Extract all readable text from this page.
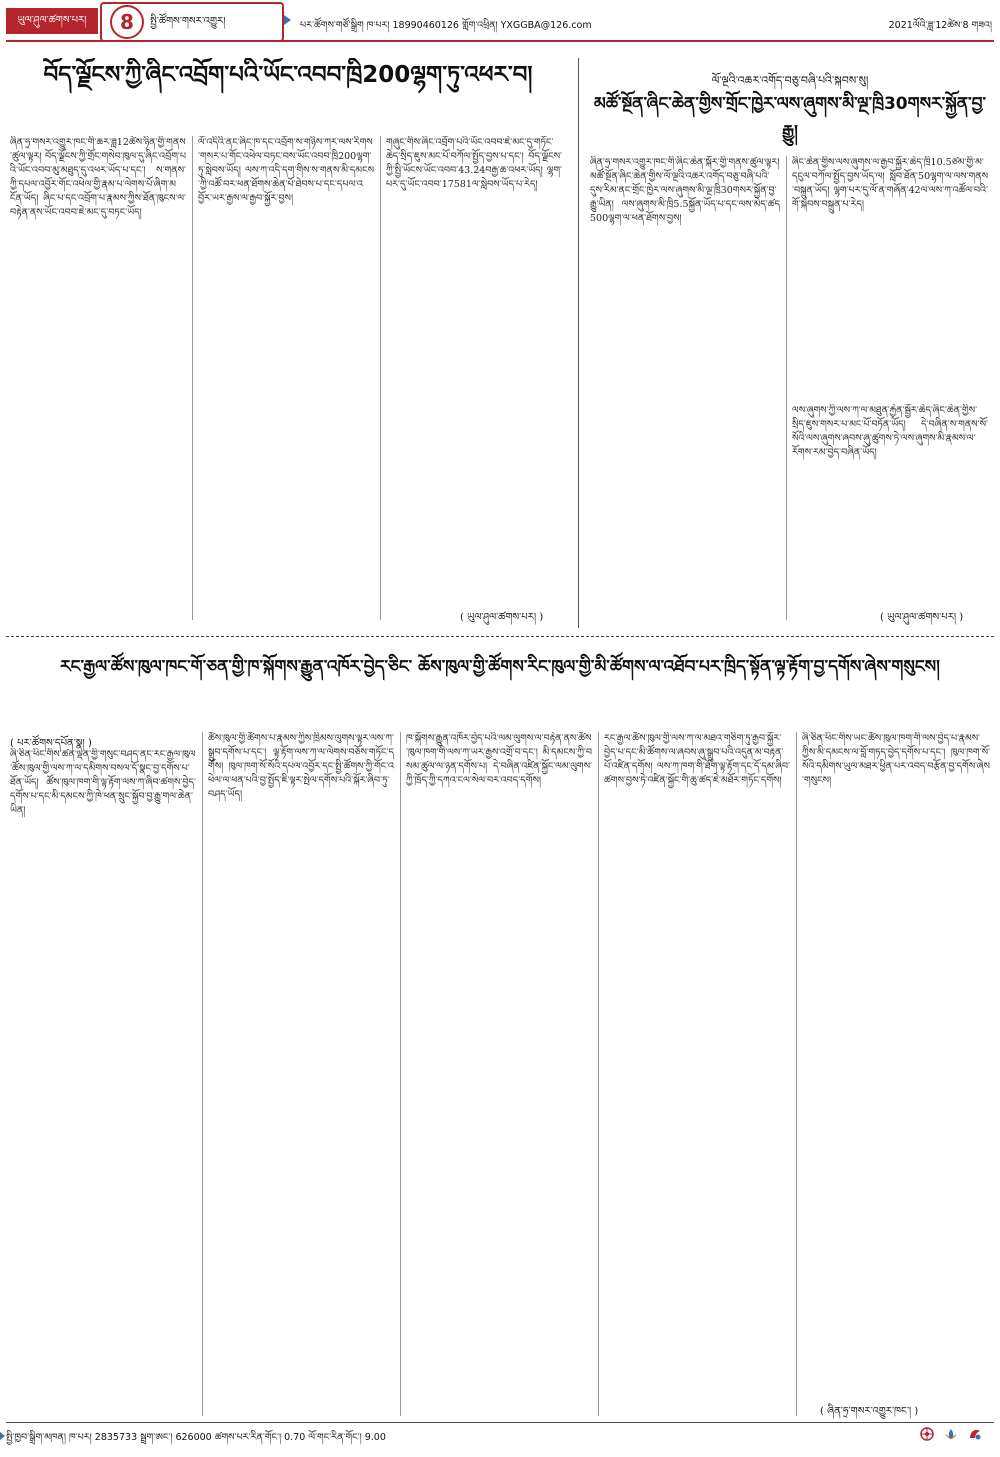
ཡུལ་ཤུལ་ཚགས་པར།	8	སྤྱི་ཚོགས་གསར་འགྱུར།	པར་ཚོགས་གཙོ་སྒྲིག ཁ་པར། 18990460126 གློག་འཕྲིན། YXGGBA@126.com	2021ལོའི་ཟླ་12ཚེས་8 གཟའ།
བོད་ལྗོངས་ཀྱི་ཞིང་འབྲོག་པའི་ཡོང་འབབ་ཁྲི200ལྷག་ཏུ་འཕར་བ།
ཞིན་ཧྲ་གསར་འགྱུར་ཁང་གི་ཆར་ཟླ12ཚེས་ཉིན་གྱི་གནས་ཚུལ་ལྟར། བོད་ལྗོངས་ཀྱི་གྲོང་གསེབ་ཁུལ་དུ་ཞིང་འབྲོག་པའི་ཡོང་འབབ་མུ་མཐུད་དུ་འཕར་ཡོད་པ་དང་། ས་གནས་ཀྱི་དཔལ་འབྱོར་གོང་འཕེལ་གྱི་རྣམ་པ་ལེགས་པོ་ཞིག་མངོན་ཡོད། ཞིང་པ་དང་འབྲོག་པ་རྣམས་ཀྱིས་ཐོན་ཁུངས་ལ་བརྟེན་ནས་ཡོང་འབབ་ཇེ་མང་དུ་བཏང་ཡོད།
ལོ་འདིའི་ནང་ཞིང་ཁ་དང་འབྲོག་ས་གཉིས་ཀར་ལས་རིགས་གསར་པ་གོང་འཕེལ་བཏང་བས་ཡོང་འབབ་ཁྲི200ལྷག་ཏུ་སླེབས་ཡོད། ལས་ཀ་འདི་དག་གིས་ས་གནས་མི་དམངས་ཀྱི་འཚོ་བར་ཕན་ཐོགས་ཆེན་པོ་ཐེབས་པ་དང་དཔལ་འབྱོར་ཡར་རྒྱས་ལ་རྒྱབ་སྐྱོར་བྱས།
གཞུང་གིས་ཞིང་འབྲོག་པའི་ཡོང་འབབ་ཇེ་མང་དུ་གཏོང་ཆེད་སྲིད་ཇུས་མང་པོ་བཀོལ་སྤྱོད་བྱས་པ་དང་། བོད་ལྗོངས་ཀྱི་སྤྱི་ཡོངས་ཡོང་འབབ་43.24བརྒྱ་ཆ་འཕར་ཡོད། ལྷག་པར་དུ་ཡོང་འབབ་17581ལ་སླེབས་ཡོད་པ་རེད།
( ཡུལ་ཤུལ་ཚགས་པར། )
ལོ་ལྔའི་འཆར་འགོད་བཅུ་བཞི་པའི་སྐབས་སུ།
མཚོ་སྔོན་ཞིང་ཆེན་གྱིས་གྲོང་ཁྱེར་ལས་ཞུགས་མི་ལྔ་ཁྲི30གསར་སྐྱོན་བྱ་རྒྱུ།
ཞིན་ཧྲ་གསར་འགྱུར་ཁང་གི་ཞིང་ཆེན་སྐོར་གྱི་གནས་ཚུལ་ལྟར། མཚོ་སྔོན་ཞིང་ཆེན་གྱིས་ལོ་ལྔའི་འཆར་འགོད་བཅུ་བཞི་པའི་དུས་རིམ་ནང་གྲོང་ཁྱེར་ལས་ཞུགས་མི་ལྔ་ཁྲི30གསར་སྐྱོན་བྱ་རྒྱུ་ཡིན། ལས་ཞུགས་མི་ཁྲི5.5སྐྱོན་ཡོད་པ་དང་ལས་མེད་ཚད500ལྷག་ལ་ཕན་ཐོགས་བྱས།
ཞིང་ཆེན་གྱིས་ལས་ཞུགས་ལ་རྒྱབ་སྐྱོར་ཆེད་ཁྲི10.5ཙམ་གྱི་མ་དངུལ་བཀོལ་སྤྱོད་བྱས་ཡོད་ལ། སློབ་ཐོན་50ལྷག་ལ་ལས་གནས་བསྐྲུན་ཡོད། ལྷག་པར་དུ་ལོ་ན་གཞོན་42ལ་ལས་ཀ་འཚོལ་བའི་གོ་སྐབས་བསྐྲུན་པ་རེད།
ལས་ཞུགས་ཀྱི་ལས་ཀ་ལ་མཐུན་རྐྱེན་སྦྱོར་ཆེད་ཞིང་ཆེན་གྱིས་སྲིད་ཇུས་གསར་པ་མང་པོ་བཏོན་ཡོད། དེ་བཞིན་ས་གནས་སོ་སོའི་ལས་ཞུགས་ཞབས་ཞུ་ཚུགས་ཏེ་ལས་ཞུགས་མི་རྣམས་ལ་རོགས་རམ་བྱེད་བཞིན་ཡོད།
( ཡུལ་ཤུལ་ཚགས་པར། )
རང་རྒྱལ་ཚོས་ཁུལ་ཁང་གོ་ཅན་གྱི་ཁ་སྐོགས་རྒྱུན་འཁོར་བྱེད་ཅིང་ ཆོས་ཁུལ་གྱི་ཚོགས་རིང་ཁུལ་གྱི་མི་ཚོགས་ལ་འཐོབ་པར་ཁྲིད་སྟོན་ལྟ་རྟོག་བྱ་དགོས་ཞེས་གསུངས།
( པར་ཚོགས་དཔོན་སྣ། )
ཞི་ཅིན་ཕིང་གིས་ཚན་ལྡན་གྱི་གསུང་བཤད་ནང་རང་རྒྱལ་ཁུལ་ཚོས་ཁུལ་གྱི་ལས་ཀ་ལ་དམིགས་བསལ་དོ་སྣང་བྱ་དགོས་པ་ཐོན་ཡོད། ཚོས་ཁུལ་ཁག་གི་ལྟ་རྟོག་ལས་ཀ་ཞིབ་ཚགས་བྱེད་དགོས་པ་དང་མི་དམངས་ཀྱི་ཁེ་ཕན་སྲུང་སྐྱོབ་བྱ་རྒྱུ་གལ་ཆེན་ཡིན།
ཚོས་ཁུལ་གྱི་ཚོགས་པ་རྣམས་ཀྱིས་ཁྲིམས་ལུགས་ལྟར་ལས་ཀ་སྒྲུབ་དགོས་པ་དང་། ལྟ་རྟོག་ལས་ཀ་ལ་ལེགས་བཅོས་གཏོང་དགོས། ཁུལ་ཁག་སོ་སོའི་དཔལ་འབྱོར་དང་སྤྱི་ཚོགས་ཀྱི་གོང་འཕེལ་ལ་ཕན་པའི་བྱ་སྤྱོད་ཇི་ལྟར་སྤེལ་དགོས་པའི་སྐོར་ཞིབ་ཏུ་བཤད་ཡོད།
ཁ་སྐོགས་རྒྱུན་འཁོར་བྱེད་པའི་ལམ་ལུགས་ལ་བརྟེན་ནས་ཚོས་ཁུལ་ཁག་གི་ལས་ཀ་ཡར་རྒྱས་འགྲོ་བ་དང་། མི་དམངས་ཀྱི་བསམ་ཚུལ་ལ་ཉན་དགོས་པ། དེ་བཞིན་འཛིན་སྐྱོང་ལམ་ལུགས་ཀྱི་ཁྲོད་ཀྱི་དཀའ་ངལ་སེལ་བར་འབད་དགོས།
རང་རྒྱལ་ཚོས་ཁུལ་གྱི་ལས་ཀ་ལ་མཐའ་གཅིག་ཏུ་རྒྱབ་སྐྱོར་བྱེད་པ་དང་མི་ཚོགས་ལ་ཞབས་ཞུ་སྒྲུབ་པའི་འདུན་མ་བརྟན་པོ་འཛིན་དགོས། ལས་ཀ་ཁག་གི་ཐོག་ལྟ་རྟོག་དང་དོ་དམ་ཞིབ་ཚགས་བྱས་ཏེ་འཛིན་སྐྱོང་གི་ཆུ་ཚད་ཇེ་མཐོར་གཏོང་དགོས།
ཞི་ཅིན་ཕིང་གིས་ཡང་ཚོས་ཁུལ་ཁག་གི་ལས་བྱེད་པ་རྣམས་ཀྱིས་མི་དམངས་ལ་བློ་གཏད་བྱེད་དགོས་པ་དང་། ཁུལ་ཁག་སོ་སོའི་དམིགས་ཡུལ་མཐར་ཕྱིན་པར་འབད་བརྩོན་བྱ་དགོས་ཞེས་གསུངས།
( ཞིན་ཧྲ་གསར་འགྱུར་ཁང་། )
སྤྱི་ཁྱབ་སྒྲིག་མཁན། ཁ་པར། 2835733 སྦྲག་ཨང་། 626000 ཚགས་པར་རིན་གོང་། 0.70 ལོ་གང་རིན་གོང་། 9.00
